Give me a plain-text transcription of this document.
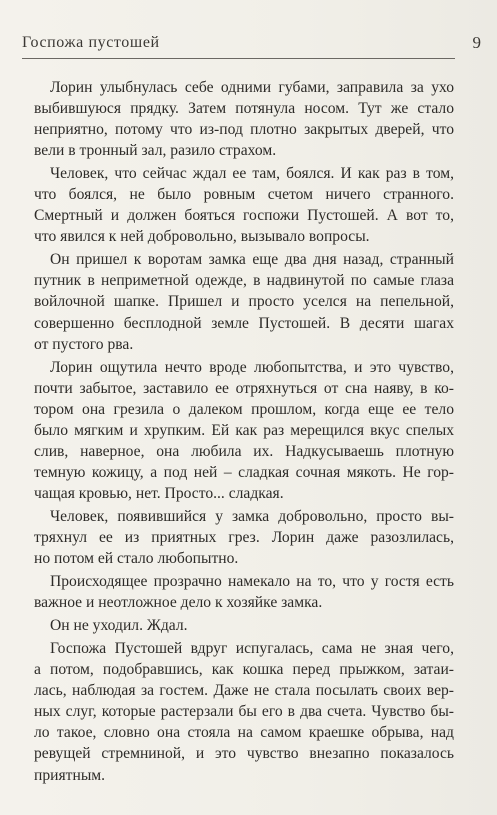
Госпожа пустошей	9
Лорин улыбнулась себе одними губами, заправила за ухо
выбившуюся прядку. Затем потянула носом. Тут же стало
неприятно, потому что из-под плотно закрытых дверей, что
вели в тронный зал, разило страхом.
Человек, что сейчас ждал ее там, боялся. И как раз в том,
что боялся, не было ровным счетом ничего странного.
Смертный и должен бояться госпожи Пустошей. А вот то,
что явился к ней добровольно, вызывало вопросы.
Он пришел к воротам замка еще два дня назад, странный
путник в неприметной одежде, в надвинутой по самые глаза
войлочной шапке. Пришел и просто уселся на пепельной,
совершенно бесплодной земле Пустошей. В десяти шагах
от пустого рва.
Лорин ощутила нечто вроде любопытства, и это чувство,
почти забытое, заставило ее отряхнуться от сна наяву, в ко-
тором она грезила о далеком прошлом, когда еще ее тело
было мягким и хрупким. Ей как раз мерещился вкус спелых
слив, наверное, она любила их. Надкусываешь плотную
темную кожицу, а под ней – сладкая сочная мякоть. Не гор-
чащая кровью, нет. Просто... сладкая.
Человек, появившийся у замка добровольно, просто вы-
тряхнул ее из приятных грез. Лорин даже разозлилась,
но потом ей стало любопытно.
Происходящее прозрачно намекало на то, что у гостя есть
важное и неотложное дело к хозяйке замка.
Он не уходил. Ждал.
Госпожа Пустошей вдруг испугалась, сама не зная чего,
а потом, подобравшись, как кошка перед прыжком, затаи-
лась, наблюдая за гостем. Даже не стала посылать своих вер-
ных слуг, которые растерзали бы его в два счета. Чувство бы-
ло такое, словно она стояла на самом краешке обрыва, над
ревущей стремниной, и это чувство внезапно показалось
приятным.
